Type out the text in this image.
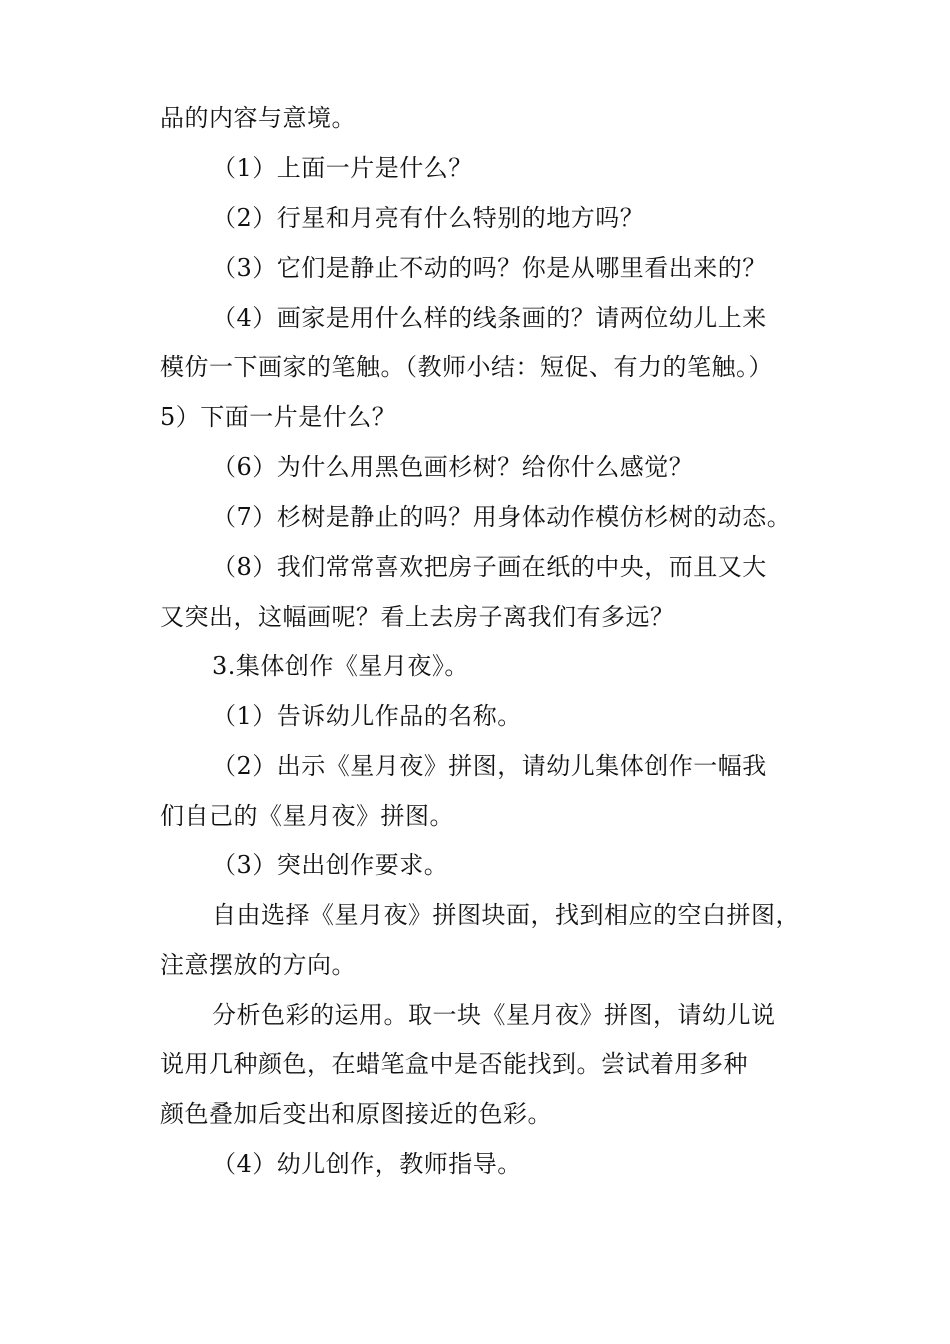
品的内容与意境。
（1）上面一片是什么？
（2）行星和月亮有什么特别的地方吗？
（3）它们是静止不动的吗？你是从哪里看出来的？
（4）画家是用什么样的线条画的？请两位幼儿上来
模仿一下画家的笔触。（教师小结：短促、有力的笔触。）
5）下面一片是什么？
（6）为什么用黑色画杉树？给你什么感觉？
（7）杉树是静止的吗？用身体动作模仿杉树的动态。
（8）我们常常喜欢把房子画在纸的中央，而且又大
又突出，这幅画呢？看上去房子离我们有多远？
3.集体创作《星月夜》。
（1）告诉幼儿作品的名称。
（2）出示《星月夜》拼图，请幼儿集体创作一幅我
们自己的《星月夜》拼图。
（3）突出创作要求。
自由选择《星月夜》拼图块面，找到相应的空白拼图，
注意摆放的方向。
分析色彩的运用。取一块《星月夜》拼图，请幼儿说
说用几种颜色，在蜡笔盒中是否能找到。尝试着用多种
颜色叠加后变出和原图接近的色彩。
（4）幼儿创作，教师指导。
